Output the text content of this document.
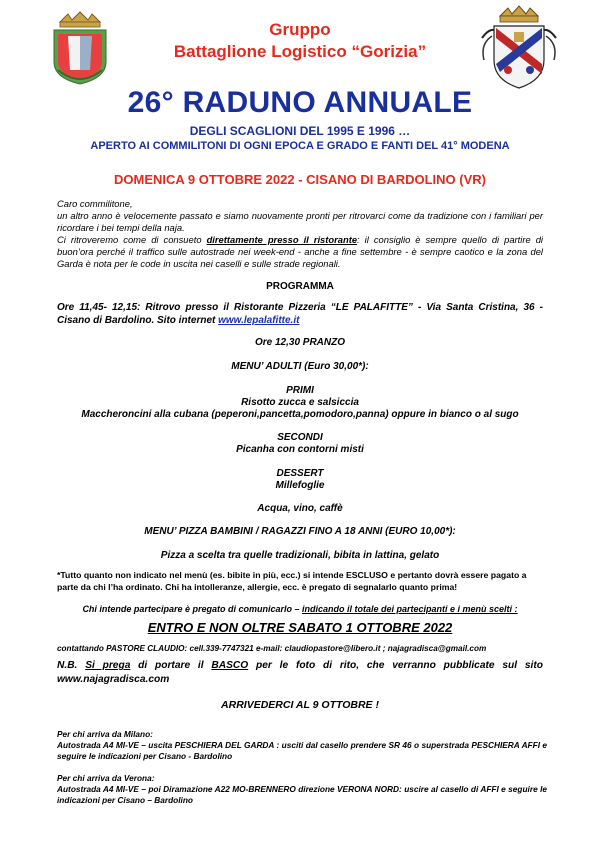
Gruppo
Battaglione Logistico “Gorizia”
26° RADUNO ANNUALE
DEGLI SCAGLIONI DEL 1995 E 1996 …
APERTO AI COMMILITONI DI OGNI EPOCA E GRADO E FANTI DEL 41° MODENA
DOMENICA 9 OTTOBRE 2022 - CISANO DI BARDOLINO (VR)

Caro commilitone,

un altro anno è velocemente passato e siamo nuovamente pronti per ritrovarci come da tradizione con i familiari per ricordare i bei tempi della naja.

Ci ritroveremo come di consueto direttamente presso il ristorante: il consiglio è sempre quello di partire di buon’ora perché il traffico sulle autostrade nei week-end - anche a fine settembre - è sempre caotico e la zona del Garda è nota per le code in uscita nei caselli e sulle strade regionali.

PROGRAMMA
Ore 11,45- 12,15: Ritrovo presso il Ristorante Pizzeria “LE PALAFITTE” - Via Santa Cristina, 36 - Cisano di Bardolino. Sito internet www.lepalafitte.it
Ore 12,30 PRANZO
MENU’ ADULTI (Euro 30,00*):
PRIMI
Risotto zucca e salsiccia
Maccheroncini alla cubana (peperoni,pancetta,pomodoro,panna) oppure in bianco o al sugo
SECONDI
Picanha con contorni misti
DESSERT
Millefoglie
Acqua, vino, caffè
MENU’ PIZZA BAMBINI / RAGAZZI FINO A 18 ANNI (EURO 10,00*):
Pizza a scelta tra quelle tradizionali, bibita in lattina, gelato
*Tutto quanto non indicato nel menù (es. bibite in più, ecc.) si intende ESCLUSO e pertanto dovrà essere pagato a parte da chi l’ha ordinato. Chi ha intolleranze, allergie, ecc. è pregato di segnalarlo quanto prima!
Chi intende partecipare è pregato di comunicarlo – indicando il totale dei partecipanti e i menù scelti :
ENTRO E NON OLTRE SABATO 1 OTTOBRE 2022
contattando PASTORE CLAUDIO: cell.339-7747321 e-mail: claudiopastore@libero.it ; najagradisca@gmail.com
N.B. Si prega di portare il BASCO per le foto di rito, che verranno pubblicate sul sito www.najagradisca.com
ARRIVEDERCI AL 9 OTTOBRE !

Per chi arriva da Milano:

Autostrada A4 MI-VE – uscita PESCHIERA DEL GARDA : usciti dal casello prendere SR 46 o superstrada PESCHIERA AFFI e seguire le indicazioni per Cisano - Bardolino

Per chi arriva da Verona:

Autostrada A4 MI-VE – poi Diramazione A22 MO-BRENNERO direzione VERONA NORD: uscire al casello di AFFI e seguire le indicazioni per Cisano – Bardolino
